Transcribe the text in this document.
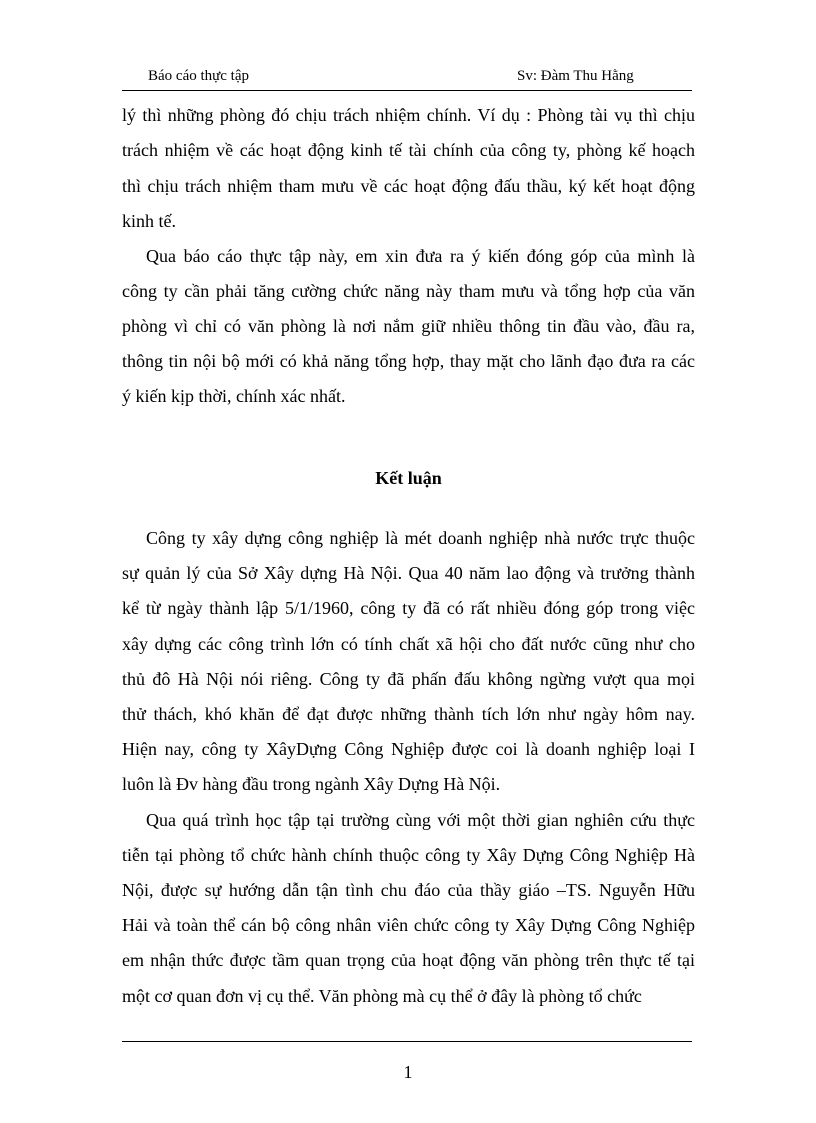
Báo cáo thực tập	Sv: Đàm Thu Hằng
lý thì những phòng đó chịu trách nhiệm chính. Ví dụ : Phòng tài vụ thì chịu
trách nhiệm về các hoạt động kinh tế tài chính của công ty, phòng kế hoạch
thì chịu trách nhiệm tham mưu về các hoạt động đấu thầu, ký kết hoạt động
kinh tế.
Qua báo cáo thực tập này, em xin đưa ra ý kiến đóng góp của mình là
công ty cần phải tăng cường chức năng này tham mưu và tổng hợp của văn
phòng vì chỉ có văn phòng là nơi nắm giữ nhiều thông tin đầu vào, đầu ra,
thông tin nội bộ mới có khả năng tổng hợp, thay mặt cho lãnh đạo đưa ra các
ý kiến kịp thời, chính xác nhất.
Kết luận
Công ty xây dựng công nghiệp là mét doanh nghiệp nhà nước trực thuộc
sự quản lý của Sở Xây dựng Hà Nội. Qua 40 năm lao động và trưởng thành
kể từ ngày thành lập 5/1/1960, công ty đã có rất nhiều đóng góp trong việc
xây dựng các công trình lớn có tính chất xã hội cho đất nước cũng như cho
thủ đô Hà Nội nói riêng. Công ty đã phấn đấu không ngừng vượt qua mọi
thử thách, khó khăn để đạt được những thành tích lớn như ngày hôm nay.
Hiện nay, công ty XâyDựng Công Nghiệp được coi là doanh nghiệp loại I
luôn là Đv hàng đầu trong ngành Xây Dựng Hà Nội.
Qua quá trình học tập tại trường cùng với một thời gian nghiên cứu thực
tiễn tại phòng tổ chức hành chính thuộc công ty Xây Dựng Công Nghiệp Hà
Nội, được sự hướng dẫn tận tình chu đáo của thầy giáo –TS. Nguyễn Hữu
Hải và toàn thể cán bộ công nhân viên chức công ty Xây Dựng Công Nghiệp
em nhận thức được tầm quan trọng của hoạt động văn phòng trên thực tế tại
một cơ quan đơn vị cụ thể. Văn phòng mà cụ thể ở đây là phòng tổ chức
1
